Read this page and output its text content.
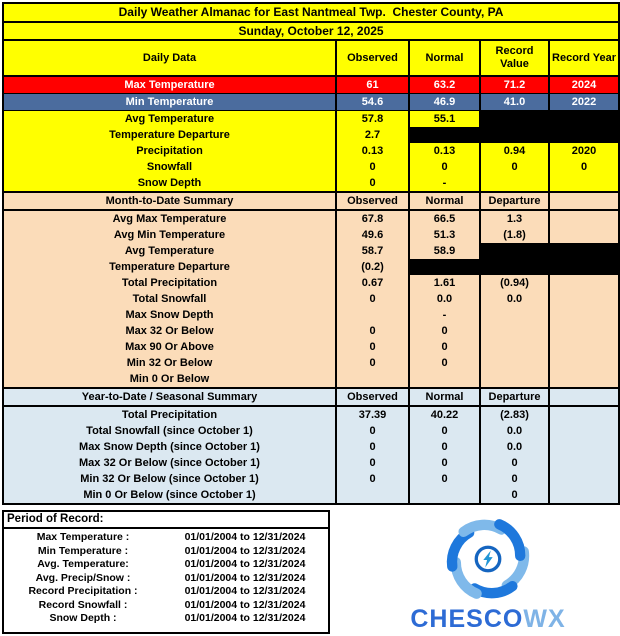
Daily Weather Almanac for East Nantmeal Twp.  Chester County, PA				
Sunday, October 12, 2025				
Daily Data	Observed	Normal	Record Value	Record Year
Max Temperature	61	63.2	71.2	2024
Min Temperature	54.6	46.9	41.0	2022
Avg Temperature	57.8	55.1		
Temperature Departure	2.7			
Precipitation	0.13	0.13	0.94	2020
Snowfall	0	0	0	0
Snow Depth	0	-		
Month-to-Date Summary	Observed	Normal	Departure	
Avg Max Temperature	67.8	66.5	1.3	
Avg Min Temperature	49.6	51.3	(1.8)	
Avg Temperature	58.7	58.9		
Temperature Departure	(0.2)			
Total Precipitation	0.67	1.61	(0.94)	
Total Snowfall	0	0.0	0.0	
Max Snow Depth		-		
Max 32 Or Below	0	0		
Max 90 Or Above	0	0		
Min 32 Or Below	0	0		
Min 0 Or Below				
Year-to-Date / Seasonal Summary	Observed	Normal	Departure	
Total Precipitation	37.39	40.22	(2.83)	
Total Snowfall (since October 1)	0	0	0.0	
Max Snow Depth (since October 1)	0	0	0.0	
Max 32 Or Below (since October 1)	0	0	0	
Min 32 Or Below (since October 1)	0	0	0	
Min 0 Or Below (since October 1)			0	
Period of Record:
Max Temperature :	01/01/2004 to 12/31/2024
Min Temperature :	01/01/2004 to 12/31/2024
Avg. Temperature:	01/01/2004 to 12/31/2024
Avg. Precip/Snow :	01/01/2004 to 12/31/2024
Record Precipitation :	01/01/2004 to 12/31/2024
Record Snowfall :	01/01/2004 to 12/31/2024
Snow Depth :	01/01/2004 to 12/31/2024	CHESCOWX
